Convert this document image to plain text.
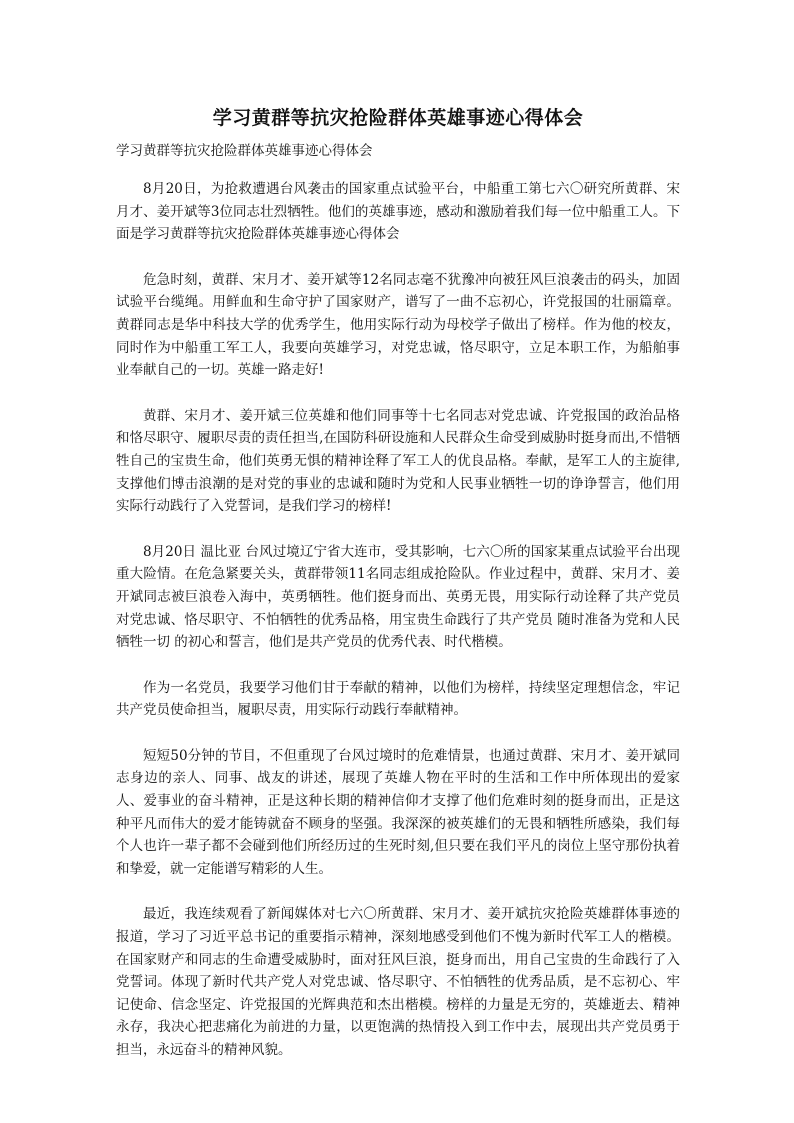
学习黄群等抗灾抢险群体英雄事迹心得体会

学习黄群等抗灾抢险群体英雄事迹心得体会

8月20日，为抢救遭遇台风袭击的国家重点试验平台，中船重工第七六〇研究所黄群、宋月才、姜开斌等3位同志壮烈牺牲。他们的英雄事迹，感动和激励着我们每一位中船重工人。下面是学习黄群等抗灾抢险群体英雄事迹心得体会

危急时刻，黄群、宋月才、姜开斌等12名同志毫不犹豫冲向被狂风巨浪袭击的码头，加固试验平台缆绳。用鲜血和生命守护了国家财产，谱写了一曲不忘初心，许党报国的壮丽篇章。黄群同志是华中科技大学的优秀学生，他用实际行动为母校学子做出了榜样。作为他的校友，同时作为中船重工军工人，我要向英雄学习，对党忠诚，恪尽职守，立足本职工作，为船舶事业奉献自己的一切。英雄一路走好!

黄群、宋月才、姜开斌三位英雄和他们同事等十七名同志对党忠诚、许党报国的政治品格和恪尽职守、履职尽责的责任担当,在国防科研设施和人民群众生命受到威胁时挺身而出,不惜牺牲自己的宝贵生命，他们英勇无惧的精神诠释了军工人的优良品格。奉献，是军工人的主旋律,支撑他们博击浪潮的是对党的事业的忠诚和随时为党和人民事业牺牲一切的诤诤誓言，他们用实际行动践行了入党誓词，是我们学习的榜样!

8月20日 温比亚 台风过境辽宁省大连市，受其影响，七六〇所的国家某重点试验平台出现重大险情。在危急紧要关头，黄群带领11名同志组成抢险队。作业过程中，黄群、宋月才、姜开斌同志被巨浪卷入海中，英勇牺牲。他们挺身而出、英勇无畏，用实际行动诠释了共产党员对党忠诚、恪尽职守、不怕牺牲的优秀品格，用宝贵生命践行了共产党员 随时准备为党和人民牺牲一切 的初心和誓言，他们是共产党员的优秀代表、时代楷模。

作为一名党员，我要学习他们甘于奉献的精神，以他们为榜样，持续坚定理想信念，牢记共产党员使命担当，履职尽责，用实际行动践行奉献精神。

短短50分钟的节目，不但重现了台风过境时的危难情景，也通过黄群、宋月才、姜开斌同志身边的亲人、同事、战友的讲述，展现了英雄人物在平时的生活和工作中所体现出的爱家人、爱事业的奋斗精神，正是这种长期的精神信仰才支撑了他们危难时刻的挺身而出，正是这种平凡而伟大的爱才能铸就奋不顾身的坚强。我深深的被英雄们的无畏和牺牲所感染，我们每个人也许一辈子都不会碰到他们所经历过的生死时刻,但只要在我们平凡的岗位上坚守那份执着和挚爱，就一定能谱写精彩的人生。

最近，我连续观看了新闻媒体对七六〇所黄群、宋月才、姜开斌抗灾抢险英雄群体事迹的报道，学习了习近平总书记的重要指示精神，深刻地感受到他们不愧为新时代军工人的楷模。在国家财产和同志的生命遭受威胁时，面对狂风巨浪，挺身而出，用自己宝贵的生命践行了入党誓词。体现了新时代共产党人对党忠诚、恪尽职守、不怕牺牲的优秀品质，是不忘初心、牢记使命、信念坚定、许党报国的光辉典范和杰出楷模。榜样的力量是无穷的，英雄逝去、精神永存，我决心把悲痛化为前进的力量，以更饱满的热情投入到工作中去，展现出共产党员勇于担当，永远奋斗的精神风貌。
